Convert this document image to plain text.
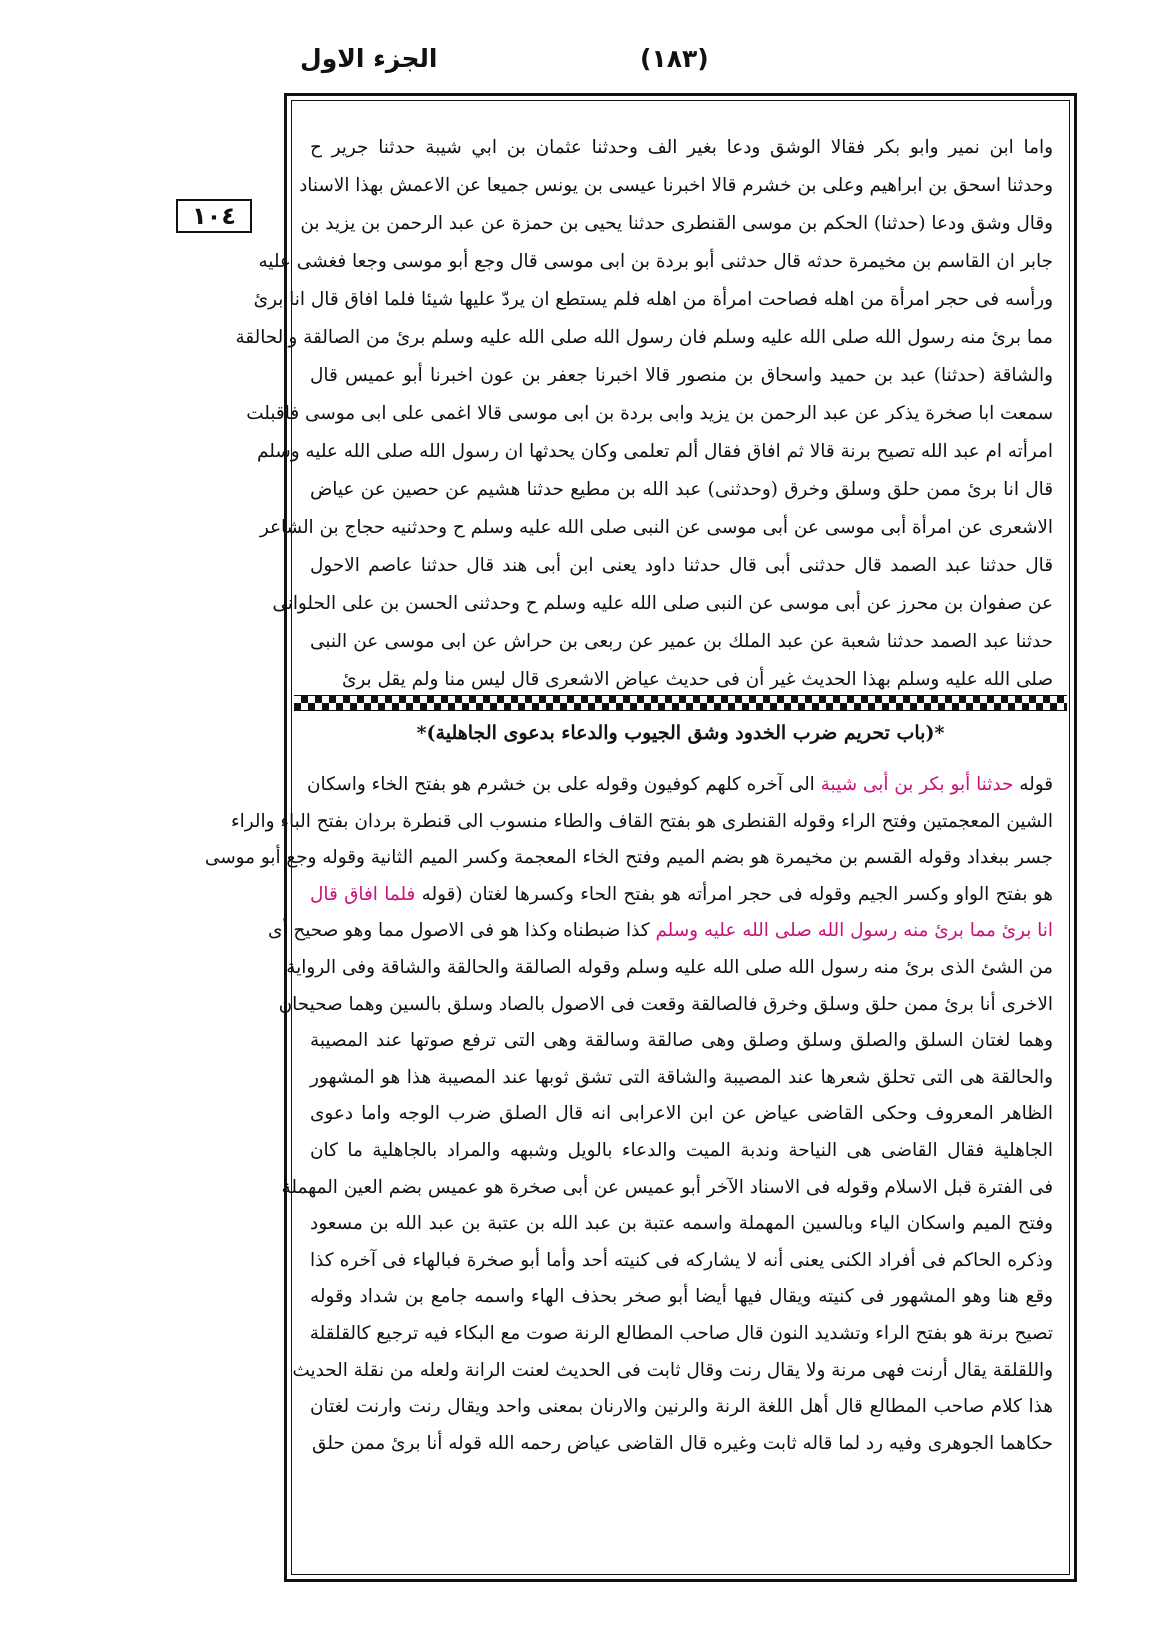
الجزء الاول	(١٨٣)
١٠٤
واما ابن نمير وابو بكر فقالا الوشق ودعا بغير الف وحدثنا عثمان بن ابي شيبة حدثنا جرير ح
وحدثنا اسحق بن ابراهيم وعلى بن خشرم قالا اخبرنا عيسى بن يونس جميعا عن الاعمش بهذا الاسناد
وقال وشق ودعا (حدثنا) الحكم بن موسى القنطرى حدثنا يحيى بن حمزة عن عبد الرحمن بن يزيد بن
جابر ان القاسم بن مخيمرة حدثه قال حدثنى أبو بردة بن ابى موسى قال وجع أبو موسى وجعا فغشى عليه
ورأسه فى حجر امرأة من اهله فصاحت امرأة من اهله فلم يستطع ان يردّ عليها شيئا فلما افاق قال انا برئ
مما برئ منه رسول الله صلى الله عليه وسلم فان رسول الله صلى الله عليه وسلم برئ من الصالقة والحالقة
والشاقة (حدثنا) عبد بن حميد واسحاق بن منصور قالا اخبرنا جعفر بن عون اخبرنا أبو عميس قال
سمعت ابا صخرة يذكر عن عبد الرحمن بن يزيد وابى بردة بن ابى موسى قالا اغمى على ابى موسى فاقبلت
امرأته ام عبد الله تصيح برنة قالا ثم افاق فقال ألم تعلمى وكان يحدثها ان رسول الله صلى الله عليه وسلم
قال انا برئ ممن حلق وسلق وخرق (وحدثنى) عبد الله بن مطيع حدثنا هشيم عن حصين عن عياض
الاشعرى عن امرأة أبى موسى عن أبى موسى عن النبى صلى الله عليه وسلم ح وحدثنيه حجاج بن الشاعر
قال حدثنا عبد الصمد قال حدثنى أبى قال حدثنا داود يعنى ابن أبى هند قال حدثنا عاصم الاحول
عن صفوان بن محرز عن أبى موسى عن النبى صلى الله عليه وسلم ح وحدثنى الحسن بن على الحلوانى
حدثنا عبد الصمد حدثنا شعبة عن عبد الملك بن عمير عن ربعى بن حراش عن ابى موسى عن النبى
صلى الله عليه وسلم بهذا الحديث غير أن فى حديث عياض الاشعرى قال ليس منا ولم يقل برئ
*(باب تحريم ضرب الخدود وشق الجيوب والدعاء بدعوى الجاهلية)*
قوله حدثنا أبو بكر بن أبى شيبة الى آخره كلهم كوفيون وقوله على بن خشرم هو بفتح الخاء واسكان
الشين المعجمتين وفتح الراء وقوله القنطرى هو بفتح القاف والطاء منسوب الى قنطرة بردان بفتح الباء والراء
جسر ببغداد وقوله القسم بن مخيمرة هو بضم الميم وفتح الخاء المعجمة وكسر الميم الثانية وقوله وجع أبو موسى
هو بفتح الواو وكسر الجيم وقوله فى حجر امرأته هو بفتح الحاء وكسرها لغتان (قوله فلما افاق قال
انا برئ مما برئ منه رسول الله صلى الله عليه وسلم كذا ضبطناه وكذا هو فى الاصول مما وهو صحيح أى
من الشئ الذى برئ منه رسول الله صلى الله عليه وسلم وقوله الصالقة والحالقة والشاقة وفى الرواية
الاخرى أنا برئ ممن حلق وسلق وخرق فالصالقة وقعت فى الاصول بالصاد وسلق بالسين وهما صحيحان
وهما لغتان السلق والصلق وسلق وصلق وهى صالقة وسالقة وهى التى ترفع صوتها عند المصيبة
والحالقة هى التى تحلق شعرها عند المصيبة والشاقة التى تشق ثوبها عند المصيبة هذا هو المشهور
الظاهر المعروف وحكى القاضى عياض عن ابن الاعرابى انه قال الصلق ضرب الوجه واما دعوى
الجاهلية فقال القاضى هى النياحة وندبة الميت والدعاء بالويل وشبهه والمراد بالجاهلية ما كان
فى الفترة قبل الاسلام وقوله فى الاسناد الآخر أبو عميس عن أبى صخرة هو عميس بضم العين المهملة
وفتح الميم واسكان الياء وبالسين المهملة واسمه عتبة بن عبد الله بن عتبة بن عبد الله بن مسعود
وذكره الحاكم فى أفراد الكنى يعنى أنه لا يشاركه فى كنيته أحد وأما أبو صخرة فبالهاء فى آخره كذا
وقع هنا وهو المشهور فى كنيته ويقال فيها أيضا أبو صخر بحذف الهاء واسمه جامع بن شداد وقوله
تصيح برنة هو بفتح الراء وتشديد النون قال صاحب المطالع الرنة صوت مع البكاء فيه ترجيع كالقلقلة
واللقلقة يقال أرنت فهى مرنة ولا يقال رنت وقال ثابت فى الحديث لعنت الرانة ولعله من نقلة الحديث
هذا كلام صاحب المطالع قال أهل اللغة الرنة والرنين والارنان بمعنى واحد ويقال رنت وارنت لغتان
حكاهما الجوهرى وفيه رد لما قاله ثابت وغيره قال القاضى عياض رحمه الله قوله أنا برئ ممن حلق
